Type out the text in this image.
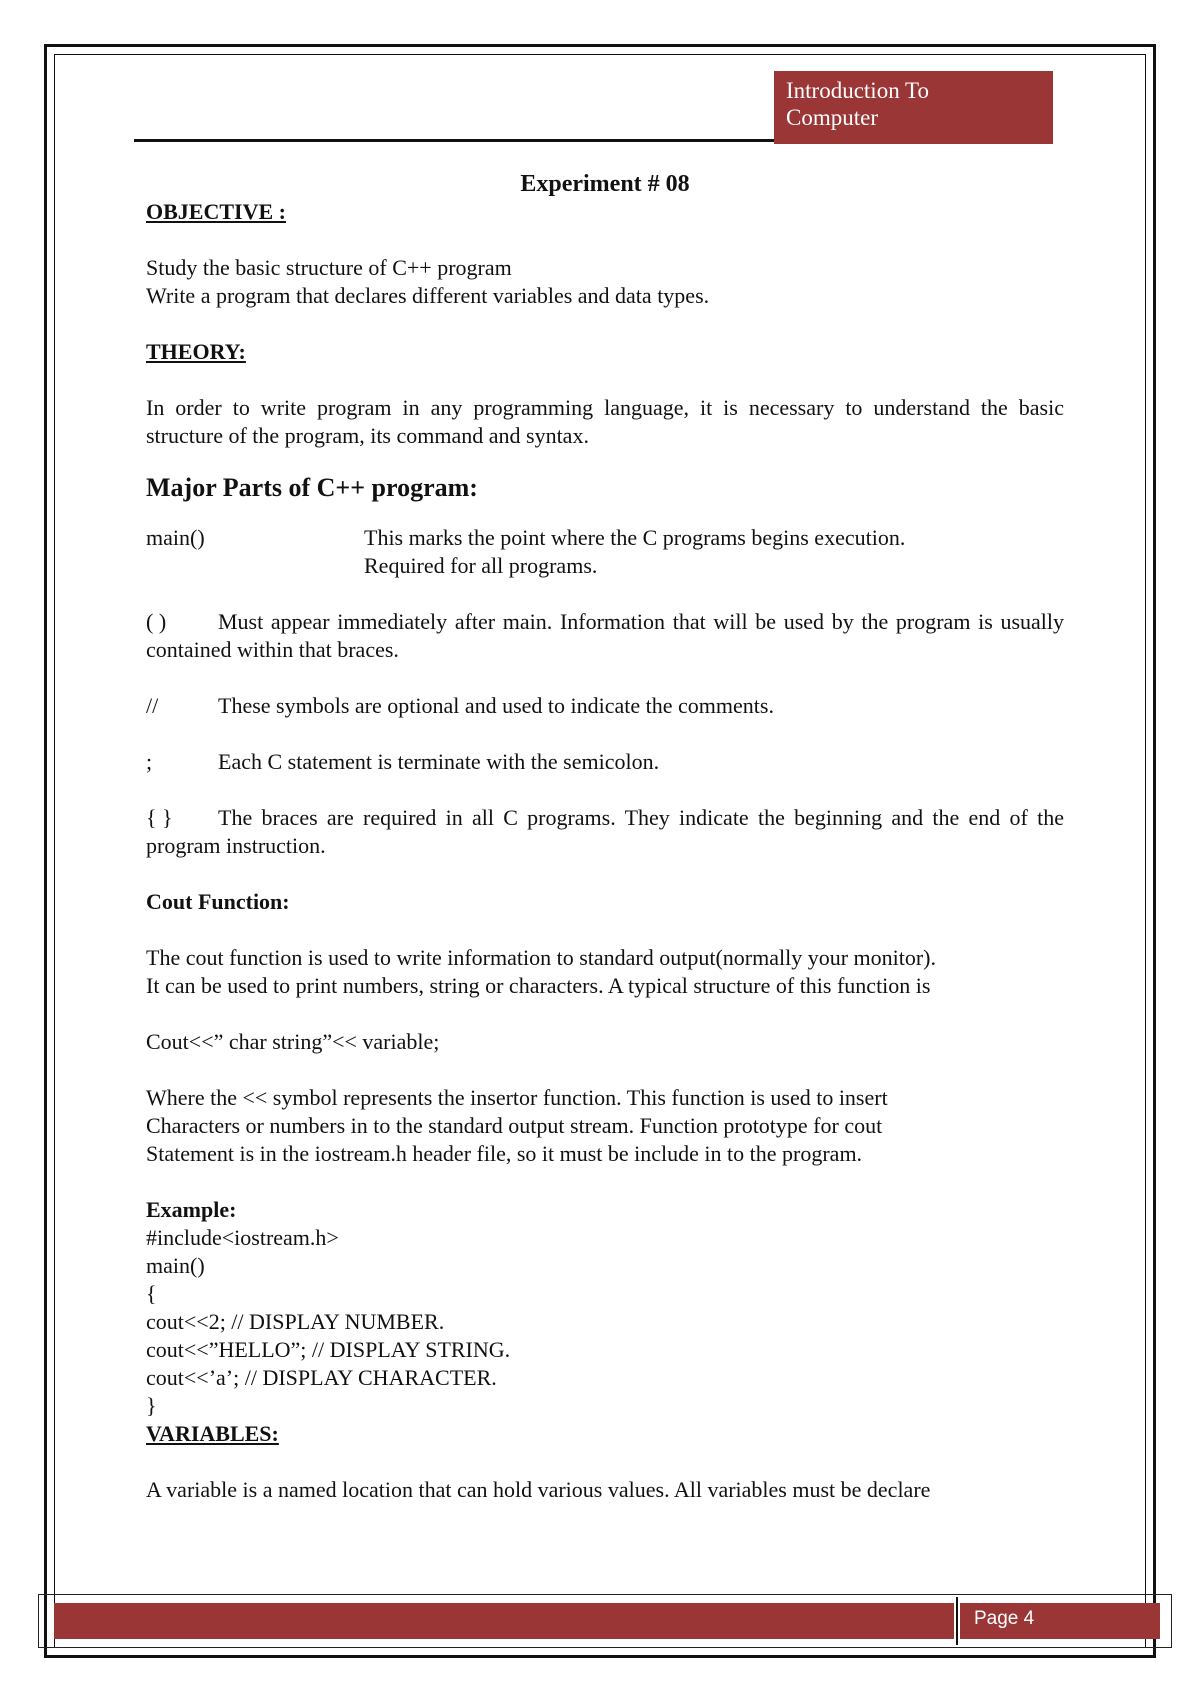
Introduction To
Computer

Experiment # 08

OBJECTIVE :

Study the basic structure of C++ program

Write a program that declares different variables and data types.

THEORY:

In order to write program in any programming language, it is necessary to understand the basic structure of the program, its command and syntax.

Major Parts of C++ program:

main()	This marks the point where the C programs begins execution.
Required for all programs.

( ) Must appear immediately after main. Information that will be used by the program is usually contained within that braces.

//	These symbols are optional and used to indicate the comments.

;	Each C statement is terminate with the semicolon.

{ } The braces are required in all C programs. They indicate the beginning and the end of the program instruction.

Cout Function:

The cout function is used to write information to standard output(normally your monitor).

It can be used to print numbers, string or characters. A typical structure of this function is

Cout<<” char string”<< variable;

Where the << symbol represents the insertor function. This function is used to insert

Characters or numbers in to the standard output stream. Function prototype for cout

Statement is in the iostream.h header file, so it must be include in to the program.

Example:

#include<iostream.h>

main()

{

cout<<2; // DISPLAY NUMBER.

cout<<”HELLO”; // DISPLAY STRING.

cout<<’a’; // DISPLAY CHARACTER.

}

VARIABLES:

A variable is a named location that can hold various values. All variables must be declare

Page 4
